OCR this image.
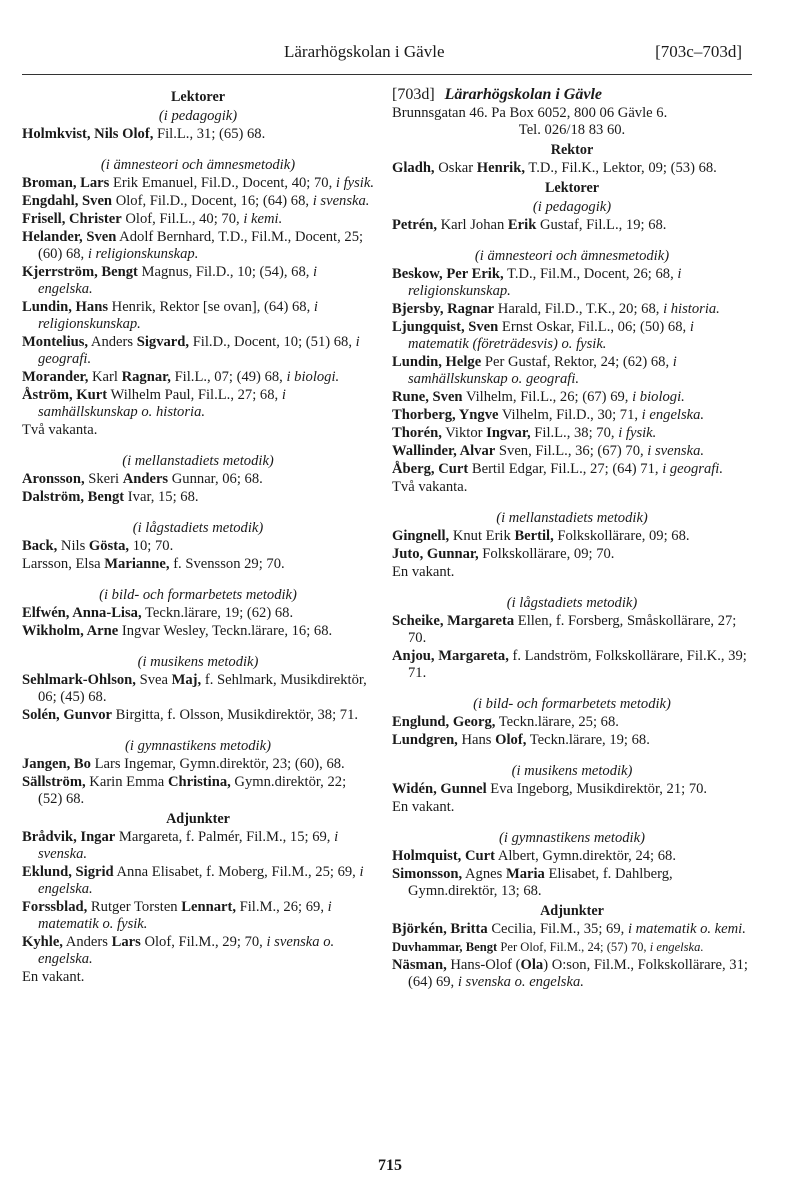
Lärarhögskolan i Gävle	[703c–703d]
Lektorer
(i pedagogik)
Holmkvist, Nils Olof, Fil.L., 31; (65) 68.
(i ämnesteori och ämnesmetodik)
Broman, Lars Erik Emanuel, Fil.D., Docent, 40; 70, i fysik.
Engdahl, Sven Olof, Fil.D., Docent, 16; (64) 68, i svenska.
Frisell, Christer Olof, Fil.L., 40; 70, i kemi.
Helander, Sven Adolf Bernhard, T.D., Fil.M., Docent, 25; (60) 68, i religionskunskap.
Kjerrström, Bengt Magnus, Fil.D., 10; (54), 68, i engelska.
Lundin, Hans Henrik, Rektor [se ovan], (64) 68, i religionskunskap.
Montelius, Anders Sigvard, Fil.D., Docent, 10; (51) 68, i geografi.
Morander, Karl Ragnar, Fil.L., 07; (49) 68, i biologi.
Åström, Kurt Wilhelm Paul, Fil.L., 27; 68, i samhällskunskap o. historia.
Två vakanta.
(i mellanstadiets metodik)
Aronsson, Skeri Anders Gunnar, 06; 68.
Dalström, Bengt Ivar, 15; 68.
(i lågstadiets metodik)
Back, Nils Gösta, 10; 70.
Larsson, Elsa Marianne, f. Svensson 29; 70.
(i bild- och formarbetets metodik)
Elfwén, Anna-Lisa, Teckn.lärare, 19; (62) 68.
Wikholm, Arne Ingvar Wesley, Teckn.lärare, 16; 68.
(i musikens metodik)
Sehlmark-Ohlson, Svea Maj, f. Sehlmark, Musikdirektör, 06; (45) 68.
Solén, Gunvor Birgitta, f. Olsson, Musikdirektör, 38; 71.
(i gymnastikens metodik)
Jangen, Bo Lars Ingemar, Gymn.direktör, 23; (60), 68.
Sällström, Karin Emma Christina, Gymn.direktör, 22; (52) 68.
Adjunkter
Brådvik, Ingar Margareta, f. Palmér, Fil.M., 15; 69, i svenska.
Eklund, Sigrid Anna Elisabet, f. Moberg, Fil.M., 25; 69, i engelska.
Forssblad, Rutger Torsten Lennart, Fil.M., 26; 69, i matematik o. fysik.
Kyhle, Anders Lars Olof, Fil.M., 29; 70, i svenska o. engelska.
En vakant.
[703d] Lärarhögskolan i Gävle
Brunnsgatan 46. Pa Box 6052, 800 06 Gävle 6.
Tel. 026/18 83 60.
Rektor
Gladh, Oskar Henrik, T.D., Fil.K., Lektor, 09; (53) 68.
Lektorer
(i pedagogik)
Petrén, Karl Johan Erik Gustaf, Fil.L., 19; 68.
(i ämnesteori och ämnesmetodik)
Beskow, Per Erik, T.D., Fil.M., Docent, 26; 68, i religionskunskap.
Bjersby, Ragnar Harald, Fil.D., T.K., 20; 68, i historia.
Ljungquist, Sven Ernst Oskar, Fil.L., 06; (50) 68, i matematik (företrädesvis) o. fysik.
Lundin, Helge Per Gustaf, Rektor, 24; (62) 68, i samhällskunskap o. geografi.
Rune, Sven Vilhelm, Fil.L., 26; (67) 69, i biologi.
Thorberg, Yngve Vilhelm, Fil.D., 30; 71, i engelska.
Thorén, Viktor Ingvar, Fil.L., 38; 70, i fysik.
Wallinder, Alvar Sven, Fil.L., 36; (67) 70, i svenska.
Åberg, Curt Bertil Edgar, Fil.L., 27; (64) 71, i geografi.
Två vakanta.
(i mellanstadiets metodik)
Gingnell, Knut Erik Bertil, Folkskollärare, 09; 68.
Juto, Gunnar, Folkskollärare, 09; 70.
En vakant.
(i lågstadiets metodik)
Scheike, Margareta Ellen, f. Forsberg, Småskollärare, 27; 70.
Anjou, Margareta, f. Landström, Folkskollärare, Fil.K., 39; 71.
(i bild- och formarbetets metodik)
Englund, Georg, Teckn.lärare, 25; 68.
Lundgren, Hans Olof, Teckn.lärare, 19; 68.
(i musikens metodik)
Widén, Gunnel Eva Ingeborg, Musikdirektör, 21; 70.
En vakant.
(i gymnastikens metodik)
Holmquist, Curt Albert, Gymn.direktör, 24; 68.
Simonsson, Agnes Maria Elisabet, f. Dahlberg, Gymn.direktör, 13; 68.
Adjunkter
Björkén, Britta Cecilia, Fil.M., 35; 69, i matematik o. kemi.
Duvhammar, Bengt Per Olof, Fil.M., 24; (57) 70, i engelska.
Näsman, Hans-Olof (Ola) O:son, Fil.M., Folkskollärare, 31; (64) 69, i svenska o. engelska.
715
